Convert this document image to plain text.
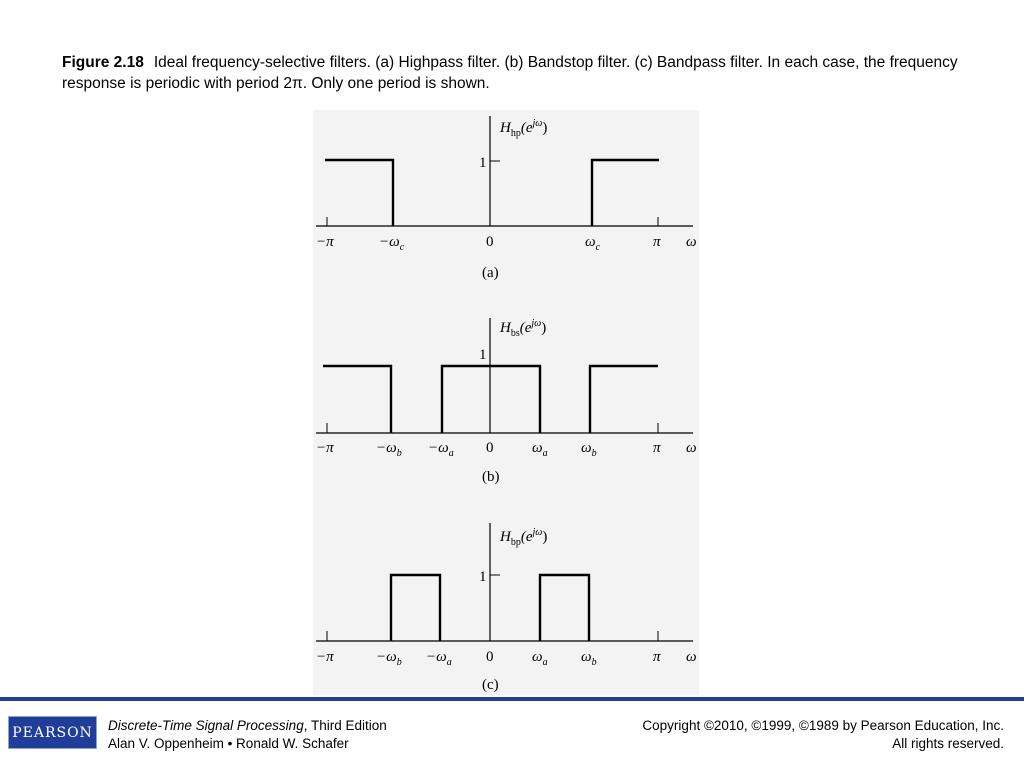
Figure 2.18 Ideal frequency-selective filters. (a) Highpass filter. (b) Bandstop filter. (c) Bandpass filter. In each case, the frequency response is periodic with period 2π. Only one period is shown.
$H_{hp}(e^{j\omega})$
1
−π	$-\omega_c$	0	$\omega_c$	π ω
(a)
$H_{bs}(e^{j\omega})$
1
−π	$-\omega_b -\omega_a$ 0	$\omega_a$ $\omega_b$	π ω
(b)
$H_{bp}(e^{j\omega})$
1
−π	$-\omega_b -\omega_a$ 0	$\omega_a$ $\omega_b$	π ω
(c)
PEARSON	Discrete-Time Signal Processing, Third Edition
Alan V. Oppenheim • Ronald W. Schafer
Copyright ©2010, ©1999, ©1989 by Pearson Education, Inc.
All rights reserved.
